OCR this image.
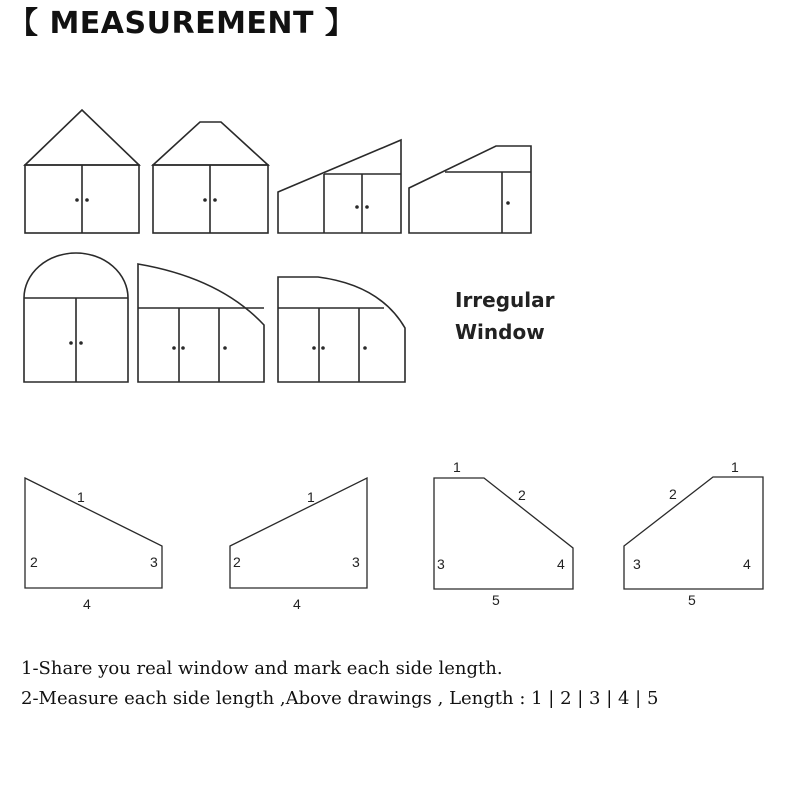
【 MEASUREMENT 】
Irregular
Window
1
2	3
4
1
2	3
4
1
2
3	4
5
1
2
3	4
5
1-Share you real window and mark each side length.
2-Measure each side length ,Above drawings , Length : 1 | 2 | 3 | 4 | 5
